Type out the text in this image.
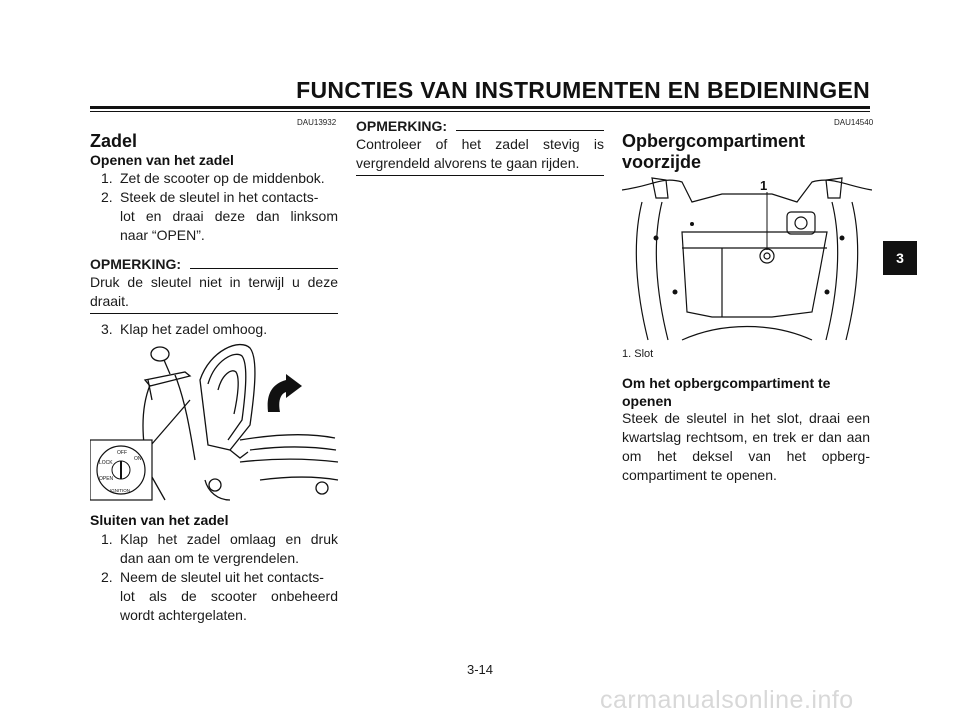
FUNCTIES VAN INSTRUMENTEN EN BEDIENINGEN
3
DAU13932
Zadel
Openen van het zadel
1. Zet de scooter op de middenbok.
2. Steek de sleutel in het contacts-
lot en draai deze dan linksom
naar “OPEN”.
OPMERKING:
Druk de sleutel niet in terwijl u deze draait.
3. Klap het zadel omhoog.
OFF
ON
LOCK
OPEN
IGNITION
Sluiten van het zadel
1. Klap het zadel omlaag en druk
dan aan om te vergrendelen.
2. Neem de sleutel uit het contacts-
lot als de scooter onbeheerd
wordt achtergelaten.
OPMERKING:
Controleer of het zadel stevig is vergrendeld alvorens te gaan rijden.
DAU14540
Opbergcompartiment
voorzijde
1
1. Slot
Om het opbergcompartiment te
openen
Steek de sleutel in het slot, draai een kwartslag rechtsom, en trek er dan aan om het deksel van het opberg-compartiment te openen.
3-14
carmanualsonline.info
